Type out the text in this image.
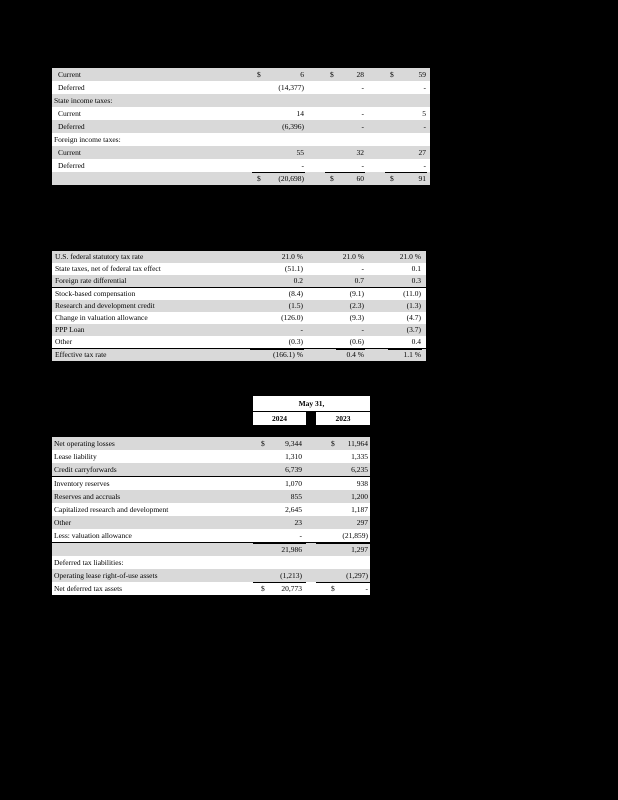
Current	$	6	$	28	$	59
Deferred	(14,377)	-	-
State income taxes:
Current	14	-	5
Deferred	(6,396)	-	-
Foreign income taxes:
Current	55	32	27
Deferred	-	-	-
$ (20,698)	$	60	$	91
U.S. federal statutory tax rate	21.0 %	21.0 %	21.0 %
State taxes, net of federal tax effect	(51.1)	-	0.1
Foreign rate differential	0.2	0.7	0.3
Stock-based compensation	(8.4)	(9.1)	(11.0)
Research and development credit	(1.5)	(2.3)	(1.3)
Change in valuation allowance	(126.0)	(9.3)	(4.7)
PPP Loan	-	-	(3.7)
Other	(0.3)	(0.6)	0.4
Effective tax rate	(166.1) %	0.4 %	1.1 %
May 31,
2024	2023
Net operating losses	$	9,344	$ 11,964
Lease liability	1,310	1,335
Credit carryforwards	6,739	6,235
Inventory reserves	1,070	938
Reserves and accruals	855	1,200
Capitalized research and development	2,645	1,187
Other	23	297
Less: valuation allowance	-	(21,859)
21,986	1,297
Deferred tax liabilities:
Operating lease right-of-use assets	(1,213)	(1,297)
Net deferred tax assets	$ 20,773	$	-
